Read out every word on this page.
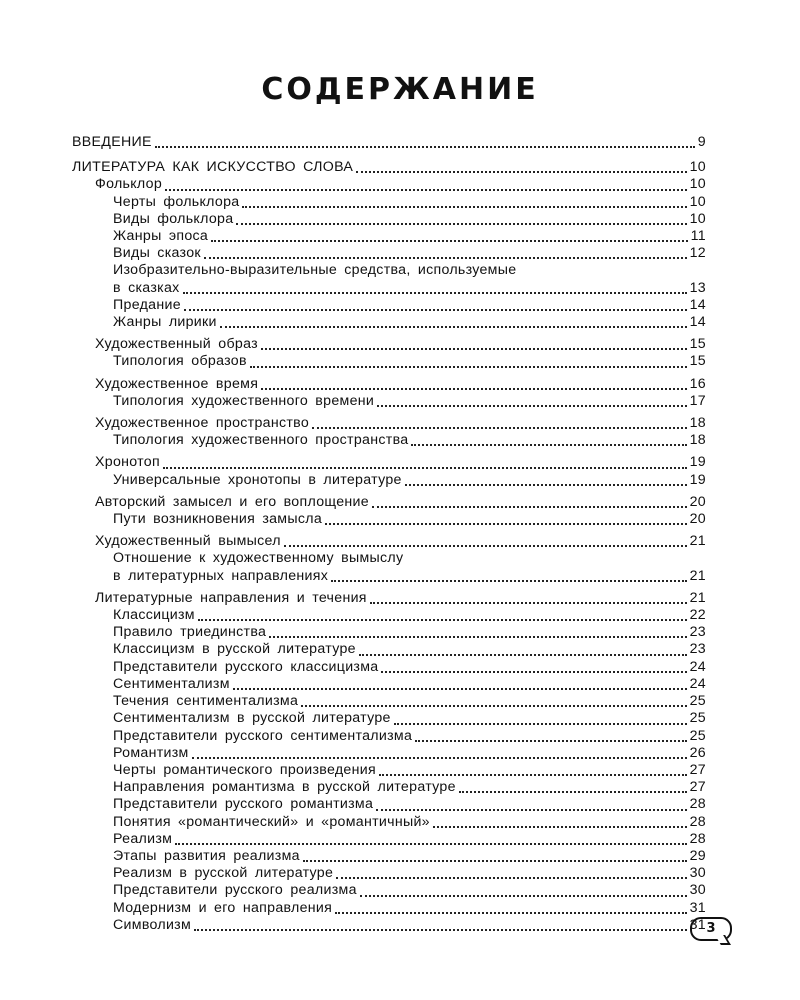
СОДЕРЖАНИЕ
ВВЕДЕНИЕ	9
ЛИТЕРАТУРА КАК ИСКУССТВО СЛОВА	10
Фольклор	10
Черты фольклора	10
Виды фольклора	10
Жанры эпоса	11
Виды сказок	12
Изобразительно-выразительные средства, используемые
в сказках	13
Предание	14
Жанры лирики	14
Художественный образ	15
Типология образов	15
Художественное время	16
Типология художественного времени	17
Художественное пространство	18
Типология художественного пространства	18
Хронотоп	19
Универсальные хронотопы в литературе	19
Авторский замысел и его воплощение	20
Пути возникновения замысла	20
Художественный вымысел	21
Отношение к художественному вымыслу
в литературных направлениях	21
Литературные направления и течения	21
Классицизм	22
Правило триединства	23
Классицизм в русской литературе	23
Представители русского классицизма	24
Сентиментализм	24
Течения сентиментализма	25
Сентиментализм в русской литературе	25
Представители русского сентиментализма	25
Романтизм	26
Черты романтического произведения	27
Направления романтизма в русской литературе	27
Представители русского романтизма	28
Понятия «романтический» и «романтичный»	28
Реализм	28
Этапы развития реализма	29
Реализм в русской литературе	30
Представители русского реализма	30
Модернизм и его направления	31
Символизм	31 3
